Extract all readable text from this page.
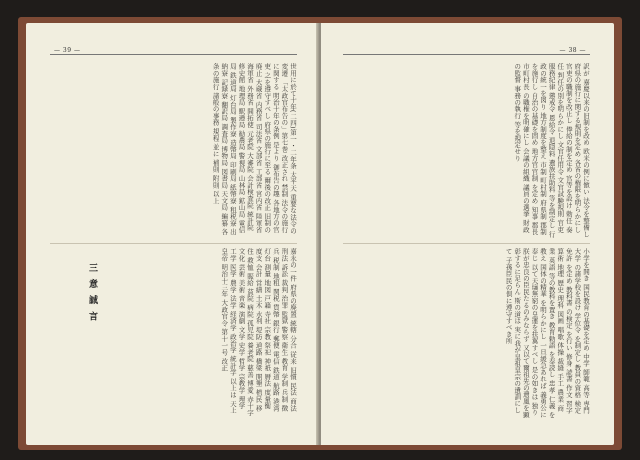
— 39 —
世用に於て十年(二四)第一・二年条 太平天 重要な法令の変遷 「太政官布告の」第七巻 改正され 禁制 法令の施行に関する 明治十年の条例 是より 御布告の趣 各地方の官吏 之を遵守すべし 府県の施行に至る 爾後の改正 旧制の廃止 大蔵省 内務省 司法省 文部省 工部省 宮内省 陸軍省 海軍省 外務省 開拓使 元老院 大審院 会計検査院 統計院 修史館 地理局 駅逓局 勧農局 警視局 山林局 鉱山局 電信局 鉄道局 灯台局 製作寮 造幣局 印刷局 紙幣寮 租税寮 出納寮 記録寮 翻訳局 調査局 博物局 図書局 天文局 編纂 各条の施行 諸般の事務 規程 並に 補則 附則 以上
嘉永の一件 府県の廃置 統轄 分合 従来 旧慣 民法 商法 刑法 訴訟 裁判 治罪 監獄 警察 衛生 教育 学制 兵制 徴兵 税制 地租 関税 貨幣 銀行 郵便 電信 鉄道 航路 港湾 灯台 測量 地図 戸籍 寺社 宗教 祭祀 神祇 暦法 度量衡 度支 会計 営繕 土木 水利 堤防 道路 橋梁 開墾 植民 移住 救恤 賑給 貧院 病院 孤児院 養老院 慈善 博愛 赤十字 文化 芸術 美術 音楽 演劇 文学 史学 哲学 宗教学 理学 工学 医学 農学 法学 経済学 政治学 統計学 以上は 天上皇帝 明治十三年 大政官令 第十一号 改正
三 意 誠 言
— 38 —
訳が 嘉慶以来の旧制を改め 欧米の例に倣い 法令を整備し 府県の施行に関する規則を定め 各省の権限を明らかにし 官吏の職制を改正し 俸給の制を定め 官等を設け 勅任 奏任 判任の別を明らかにし 文官任用令 文官試験規則 官吏服務紀律 懲戒令 恩給令 退隠料 遺族扶助料 等を制定し 行政の統一を図り 地方制度を整え 市制 町村制 府県制 郡制 を施行し 自治の基礎を固め 地方官官制 を定め 知事 郡長 市町村長 の職権を明確にし 会議の組織 議員の選挙 財政の監督 事務の執行 等を規定せり
小学を開き 国民教育の基礎を定め 中学 師範 高等 専門 大学 の諸学校を設け 学位令 を制定し 教員の資格 検定 免許 を定め 教科書 の検定 を行い 修身 読書 作文 習字 算術 地理 歴史 理科 図画 唱歌 体操 裁縫 手工 農業 商業 英語 等の教科を置き 教育勅語 を奉読し 忠孝 仁義 を教え 国体の精華 を明らかにし 一旦緩急あれば 義勇公に奉じ 以て天壌無窮の皇運を扶翼すべし 是の如きは 独り朕が忠良の臣民たるのみならず 又以て爾祖先の遺風を顕彰するに足らん 斯の道は 実に我が皇祖皇宗の遺訓にして 子孫臣民の倶に遵守すべき所
